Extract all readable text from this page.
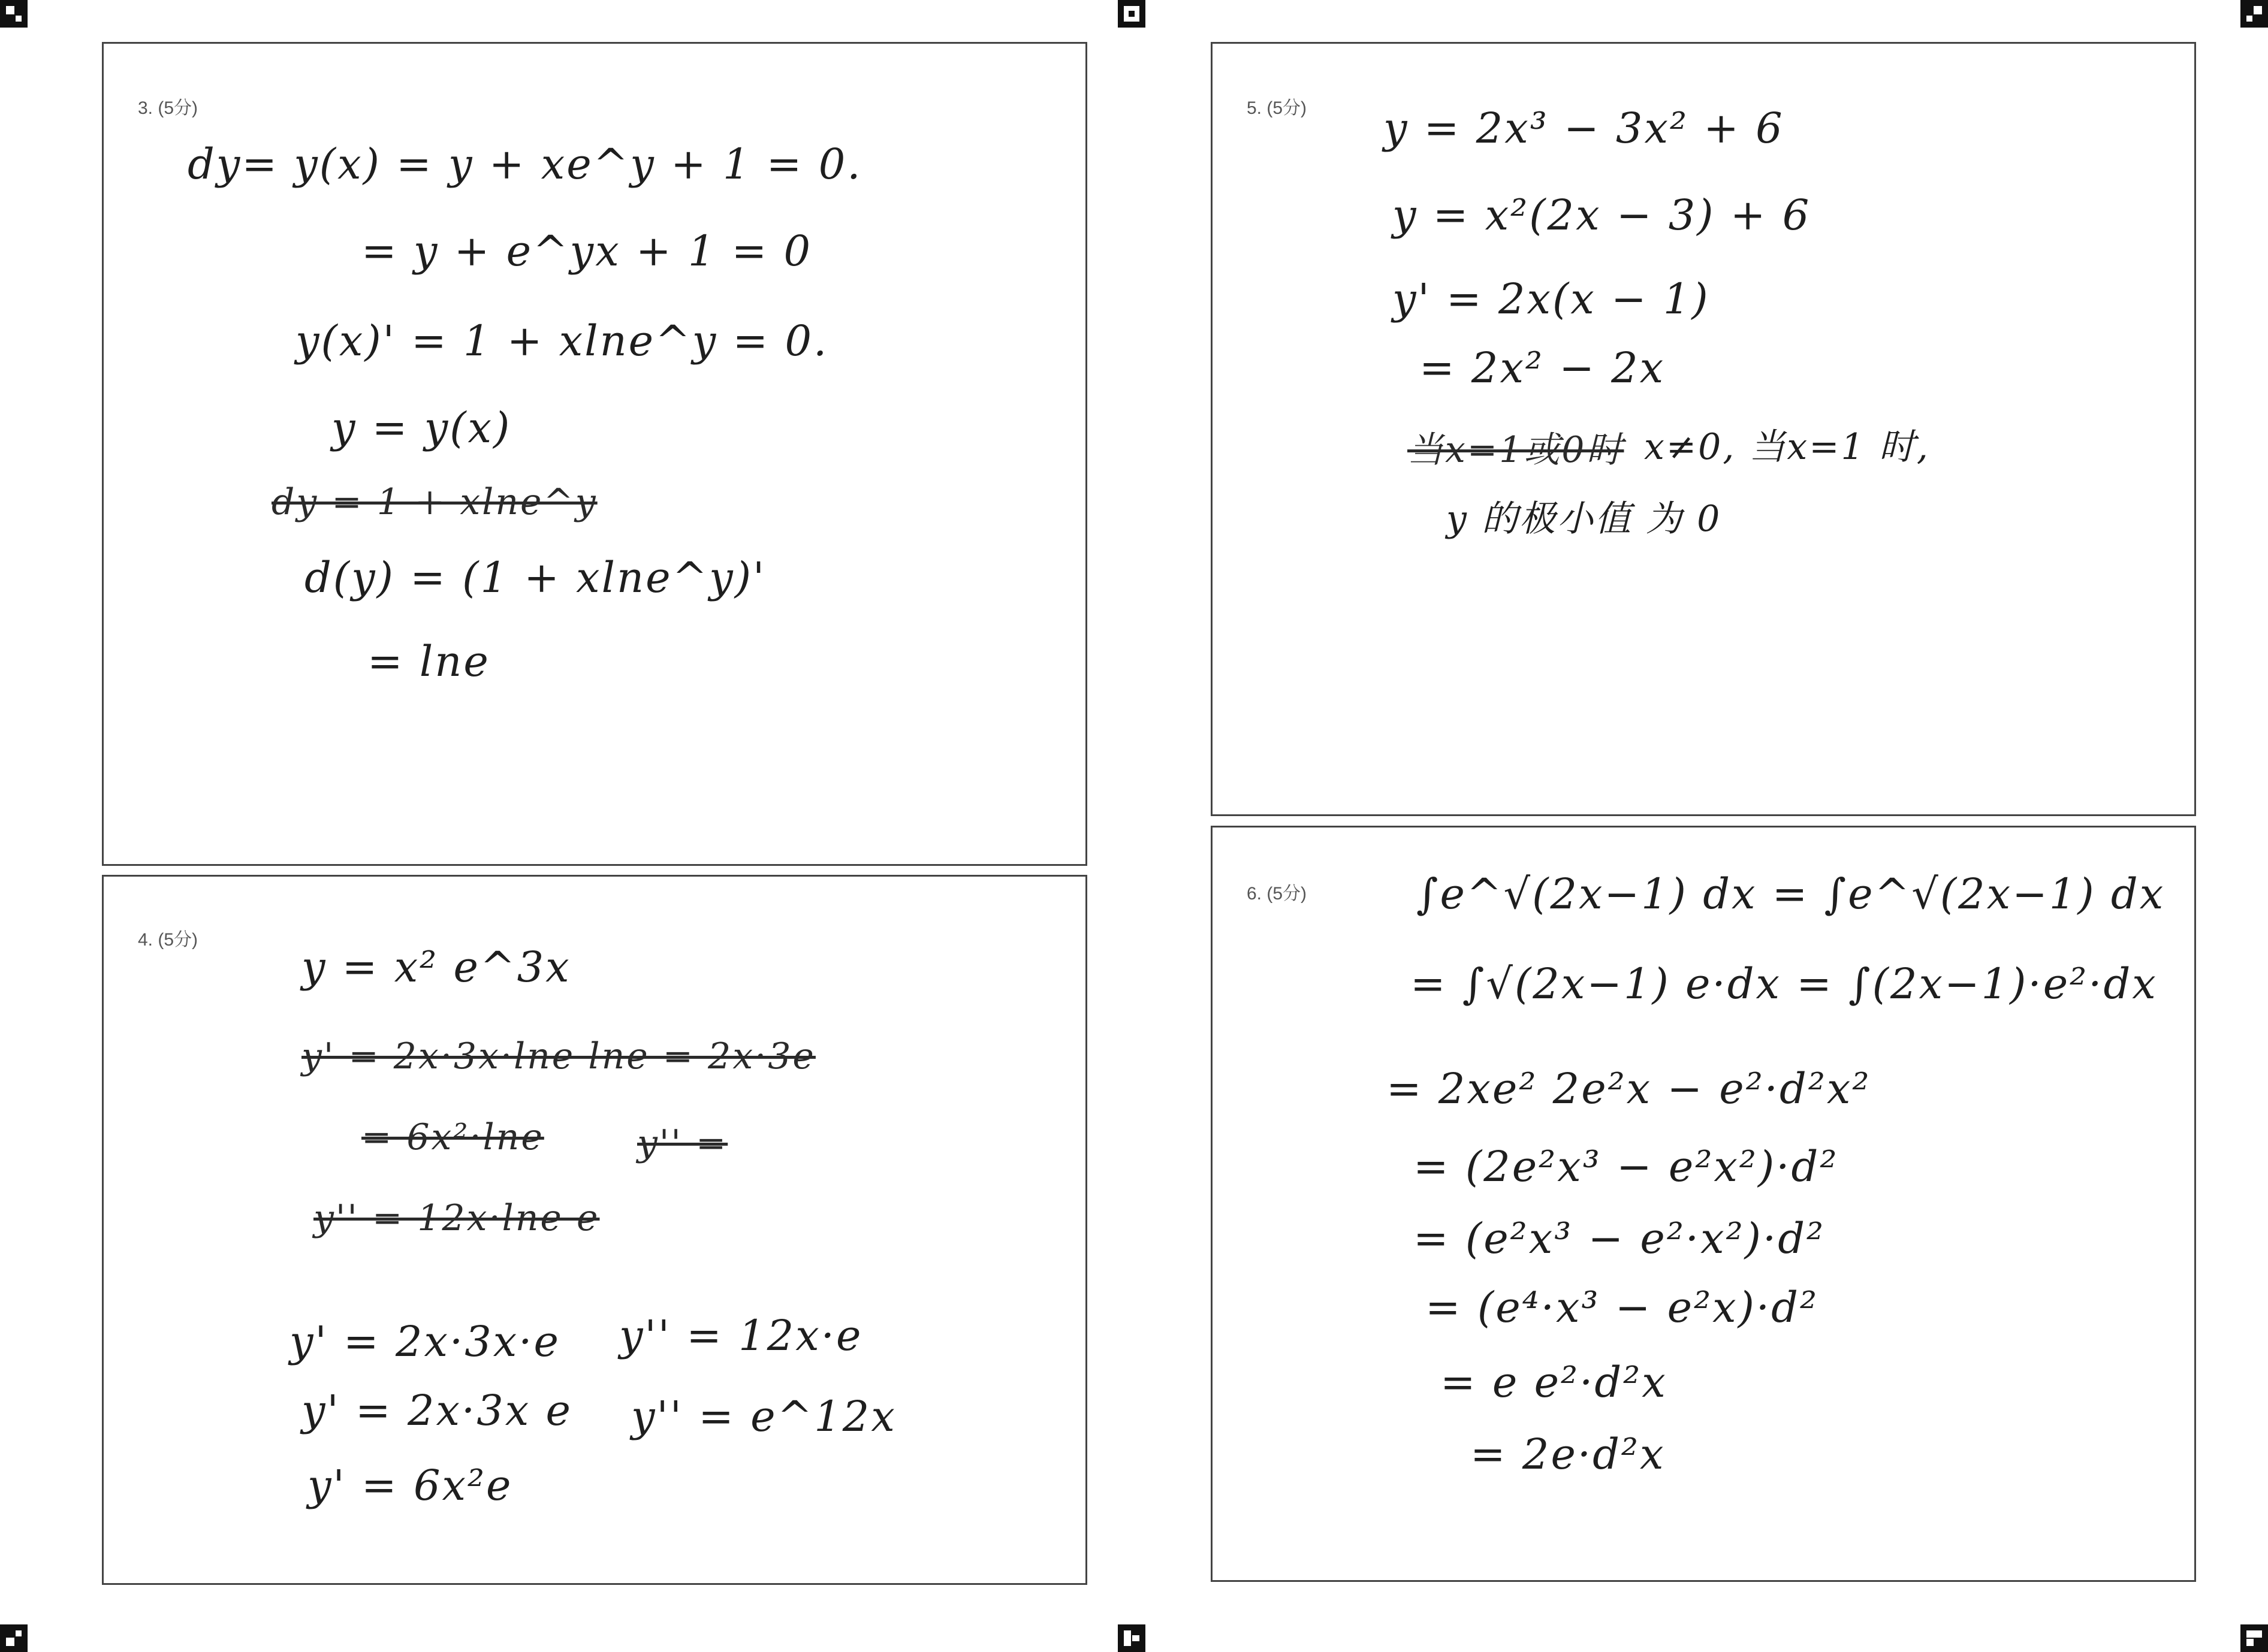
3. (5分)
dy= y(x) = y + xe^y + 1 = 0.
= y + e^yx + 1 = 0
y(x)' = 1 + xlne^y = 0.
y = y(x)
dy = 1 + xlne^y
d(y) = (1 + xlne^y)'
= lne
4. (5分)
y = x² e^3x
y' = 2x·3x·lne lne = 2x·3e
= 6x²·lne	y'' =
y'' = 12x·lne e
y' = 2x·3x·e y'' = 12x·e
y' = 2x·3x e y'' = e^12x
y' = 6x²e
5. (5分) y = 2x³ − 3x² + 6
y = x²(2x − 3) + 6
y' = 2x(x − 1)
= 2x² − 2x
当x=1或0时 x≠0, 当x=1 时,
y 的极小值 为 0
6. (5分)	∫e^√(2x−1) dx = ∫e^√(2x−1) dx
= ∫√(2x−1) e·dx = ∫(2x−1)·e²·dx
= 2xe² 2e²x − e²·d²x²
= (2e²x³ − e²x²)·d²
= (e²x³ − e²·x²)·d²
= (e⁴·x³ − e²x)·d²
= e e²·d²x
= 2e·d²x
